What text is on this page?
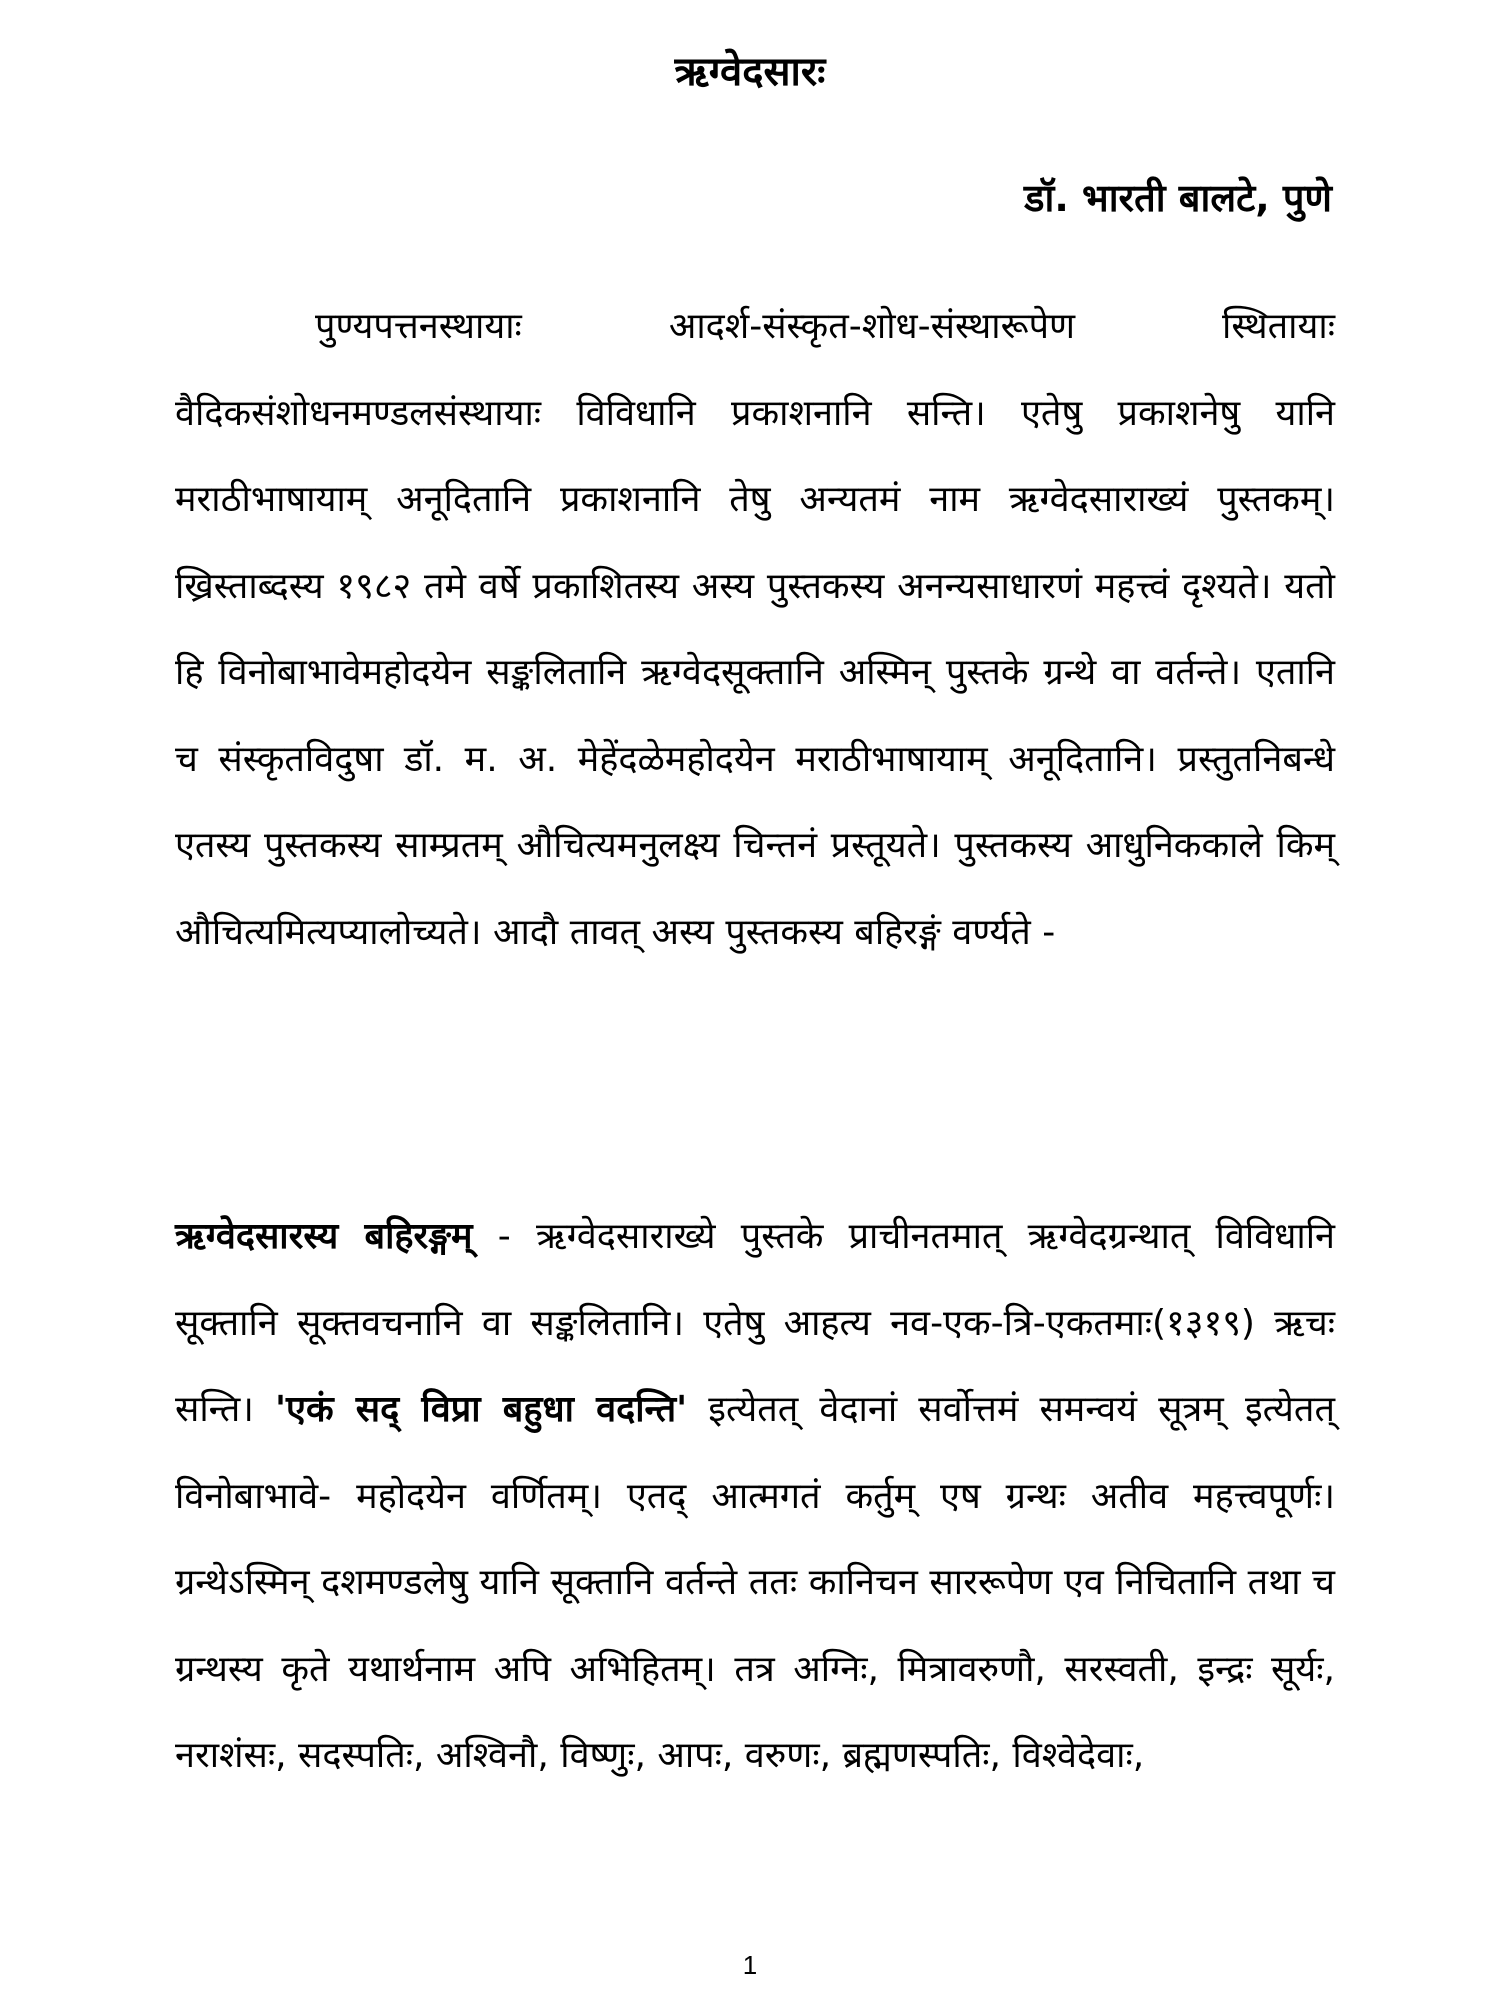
ऋग्वेदसारः

डॉ. भारती बालटे, पुणे

पुण्यपत्तनस्थायाः आदर्श-संस्कृत-शोध-संस्थारूपेण स्थितायाः वैदिकसंशोधनमण्डलसंस्थायाः विविधानि प्रकाशनानि सन्ति। एतेषु प्रकाशनेषु यानि मराठीभाषायाम् अनूदितानि प्रकाशनानि तेषु अन्यतमं नाम ऋग्वेदसाराख्यं पुस्तकम्। ख्रिस्ताब्दस्य १९८२ तमे वर्षे प्रकाशितस्य अस्य पुस्तकस्य अनन्यसाधारणं महत्त्वं दृश्यते। यतो हि विनोबाभावेमहोदयेन सङ्कलितानि ऋग्वेदसूक्तानि अस्मिन् पुस्तके ग्रन्थे वा वर्तन्ते। एतानि च संस्कृतविदुषा डॉ. म. अ. मेहेंदळेमहोदयेन मराठीभाषायाम् अनूदितानि। प्रस्तुतनिबन्धे एतस्य पुस्तकस्य साम्प्रतम् औचित्यमनुलक्ष्य चिन्तनं प्रस्तूयते। पुस्तकस्य आधुनिककाले किम् औचित्यमित्यप्यालोच्यते। आदौ तावत् अस्य पुस्तकस्य बहिरङ्गं वर्ण्यते -

ऋग्वेदसारस्य बहिरङ्गम् - ऋग्वेदसाराख्ये पुस्तके प्राचीनतमात् ऋग्वेदग्रन्थात् विविधानि सूक्तानि सूक्तवचनानि वा सङ्कलितानि। एतेषु आहत्य नव-एक-त्रि-एकतमाः(१३१९) ऋचः सन्ति। 'एकं सद् विप्रा बहुधा वदन्ति' इत्येतत् वेदानां सर्वोत्तमं समन्वयं सूत्रम् इत्येतत् विनोबाभावे- महोदयेन वर्णितम्। एतद् आत्मगतं कर्तुम् एष ग्रन्थः अतीव महत्त्वपूर्णः। ग्रन्थेऽस्मिन् दशमण्डलेषु यानि सूक्तानि वर्तन्ते ततः कानिचन साररूपेण एव निचितानि तथा च ग्रन्थस्य कृते यथार्थनाम अपि अभिहितम्। तत्र अग्निः, मित्रावरुणौ, सरस्वती, इन्द्रः सूर्यः, नराशंसः, सदस्पतिः, अश्विनौ, विष्णुः, आपः, वरुणः, ब्रह्मणस्पतिः, विश्वेदेवाः,

1
